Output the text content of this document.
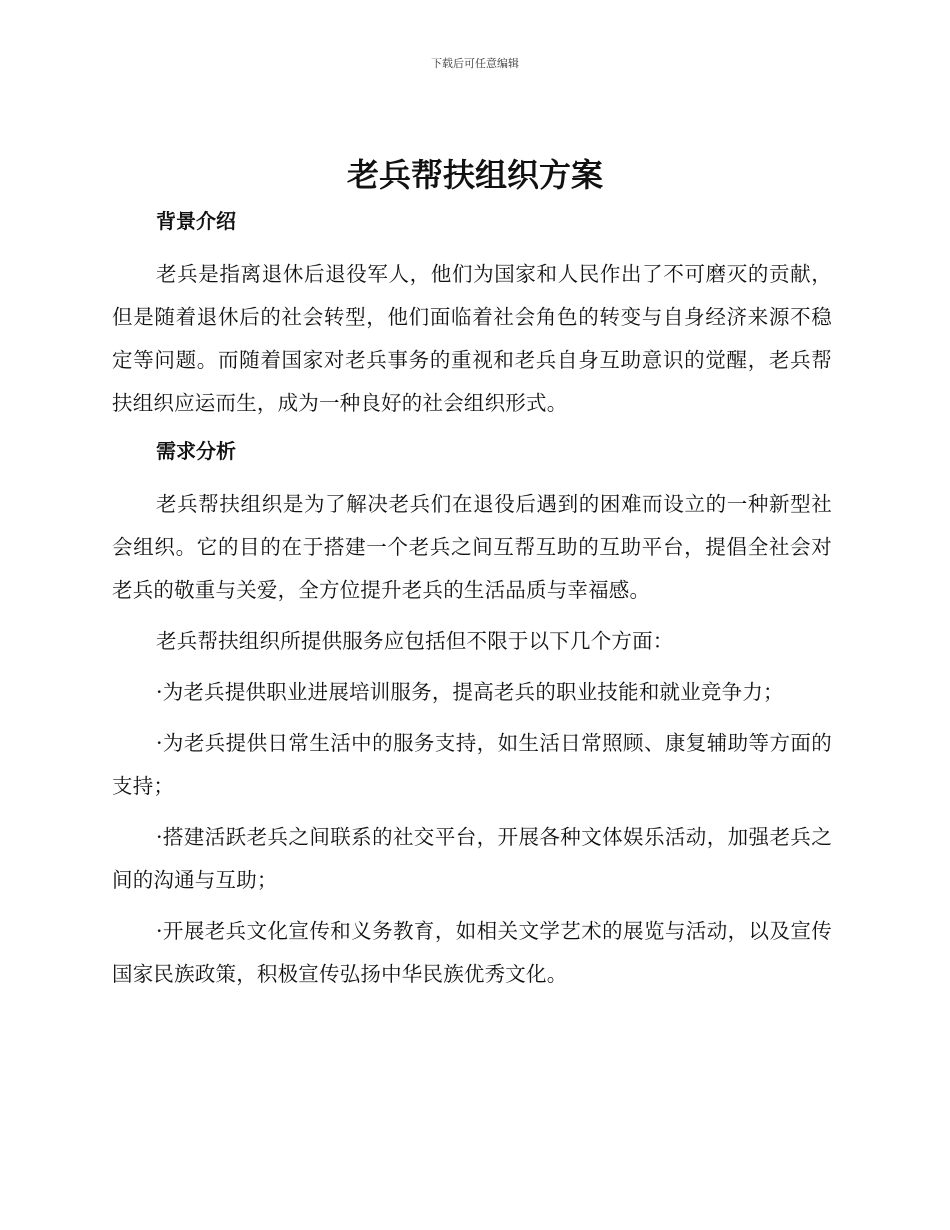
下载后可任意编辑
老兵帮扶组织方案
背景介绍

老兵是指离退休后退役军人，他们为国家和人民作出了不可磨灭的贡献，但是随着退休后的社会转型，他们面临着社会角色的转变与自身经济来源不稳定等问题。而随着国家对老兵事务的重视和老兵自身互助意识的觉醒，老兵帮扶组织应运而生，成为一种良好的社会组织形式。

需求分析

老兵帮扶组织是为了解决老兵们在退役后遇到的困难而设立的一种新型社会组织。它的目的在于搭建一个老兵之间互帮互助的互助平台，提倡全社会对老兵的敬重与关爱，全方位提升老兵的生活品质与幸福感。

老兵帮扶组织所提供服务应包括但不限于以下几个方面：

·为老兵提供职业进展培训服务，提高老兵的职业技能和就业竞争力；

·为老兵提供日常生活中的服务支持，如生活日常照顾、康复辅助等方面的支持；

·搭建活跃老兵之间联系的社交平台，开展各种文体娱乐活动，加强老兵之间的沟通与互助；

·开展老兵文化宣传和义务教育，如相关文学艺术的展览与活动，以及宣传国家民族政策，积极宣传弘扬中华民族优秀文化。
